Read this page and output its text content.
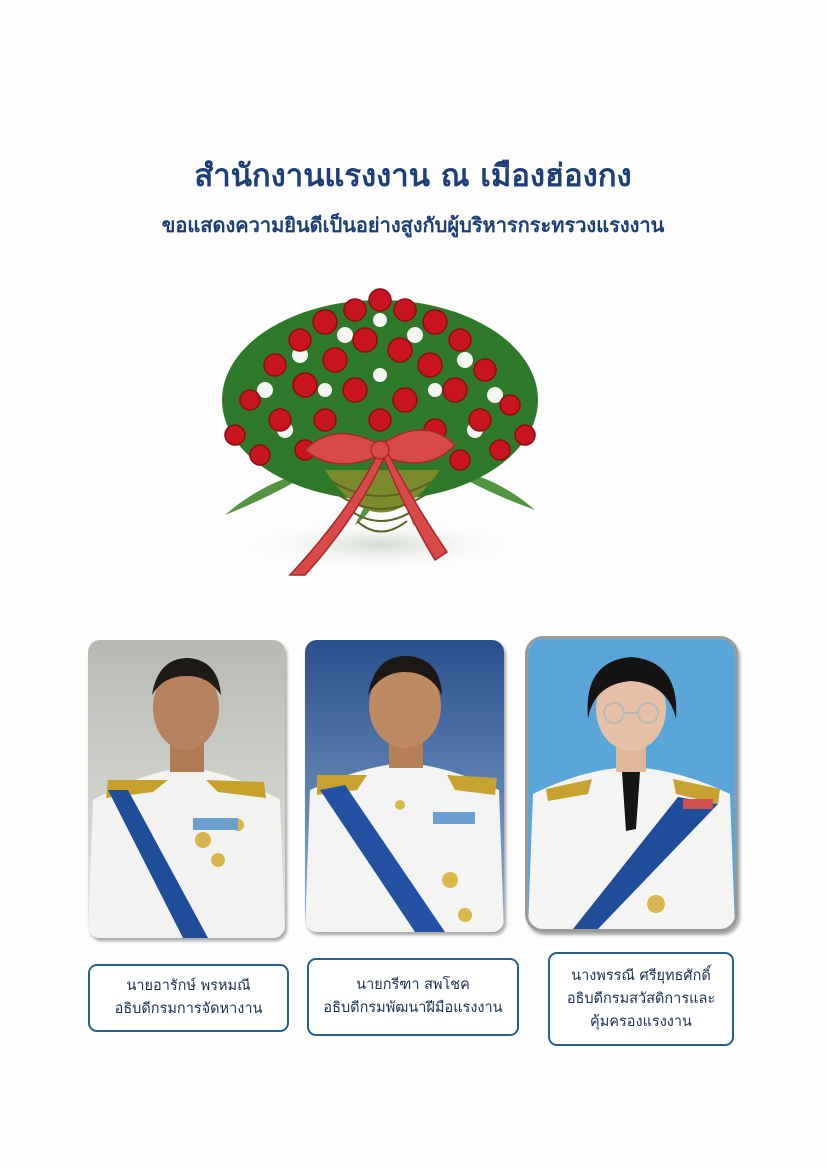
สำนักงานแรงงาน ณ เมืองฮ่องกง
ขอแสดงความยินดีเป็นอย่างสูงกับผู้บริหารกระทรวงแรงงาน
นายอารักษ์ พรหมณี
อธิบดีกรมการจัดหางาน
นายกรีฑา สพโชค
อธิบดีกรมพัฒนาฝีมือแรงงาน
นางพรรณี ศรียุทธศักดิ์
อธิบดีกรมสวัสดิการและ
คุ้มครองแรงงาน
